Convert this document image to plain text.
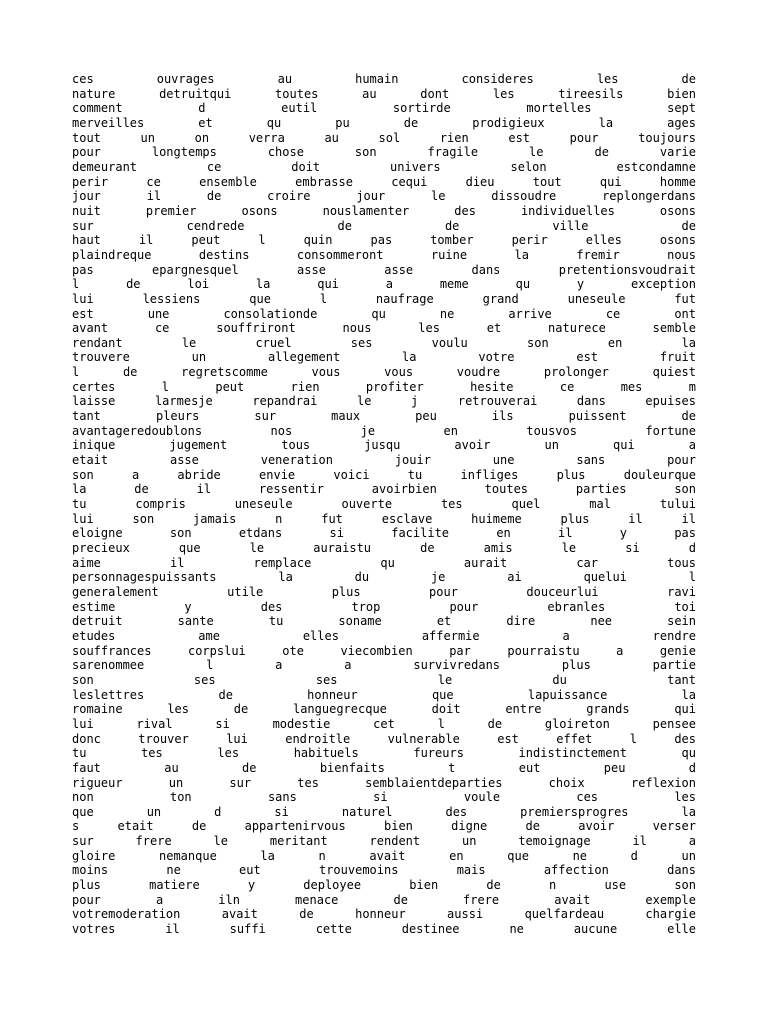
ces ouvrages au humain consideres les de
nature detruitqui toutes au dont les tireesils bien
comment d eutil sortirde mortelles sept
merveilles et qu pu de prodigieux la ages
tout un on verra au sol rien est pour toujours
pour longtemps chose son fragile le de varie
demeurant ce doit univers selon estcondamne
perir ce ensemble embrasse cequi dieu tout qui homme
jour il de croire jour le dissoudre replongerdans
nuit premier osons nouslamenter des individuelles osons
sur cendrede de de ville de
haut il peut l quin pas tomber perir elles osons
plaindreque destins consommeront ruine la fremir nous
pas epargnesquel asse asse dans pretentionsvoudrait
l de loi la qui a meme qu y exception
lui lessiens que l naufrage grand uneseule fut
est une consolationde qu ne arrive ce ont
avant ce souffriront nous les et naturece semble
rendant le cruel ses voulu son en la
trouvere un allegement la votre est fruit
l de regretscomme vous vous voudre prolonger quiest
certes l peut rien profiter hesite ce mes m
laisse larmesje repandrai le j retrouverai dans epuises
tant pleurs sur maux peu ils puissent de
avantageredoublons nos je en tousvos fortune
inique jugement tous jusqu avoir un qui a
etait asse veneration jouir une sans pour
son a abride envie voici tu infliges plus douleurque
la de il ressentir avoirbien toutes parties son
tu compris uneseule ouverte tes quel mal tului
lui son jamais n fut esclave huimeme plus il il
eloigne son etdans si facilite en il y pas
precieux que le auraistu de amis le si d
aime il remplace qu aurait car tous
personnagespuissants la du je ai quelui l
generalement utile plus pour douceurlui ravi
estime y des trop pour ebranles toi
detruit sante tu soname et dire nee sein
etudes ame elles affermie a rendre
souffrances corpslui ote viecombien par pourraistu a genie
sarenommee l a a survivredans plus partie
son ses ses le du tant
leslettres de honneur que lapuissance la
romaine les de languegrecque doit entre grands qui
lui rival si modestie cet l de gloireton pensee
donc trouver lui endroitle vulnerable est effet l des
tu tes les habituels fureurs indistinctement qu
faut au de bienfaits t eut peu d
rigueur un sur tes semblaientdeparties choix reflexion
non ton sans si voule ces les
que un d si naturel des premiersprogres la
s etait de appartenirvous bien digne de avoir verser
sur frere le meritant rendent un temoignage il a
gloire nemanque la n avait en que ne d un
moins ne eut trouvemoins mais affection dans
plus matiere y deployee bien de n use son
pour a iln menace de frere avait exemple
votremoderation avait de honneur aussi quelfardeau chargie
votres il suffi cette destinee ne aucune elle
